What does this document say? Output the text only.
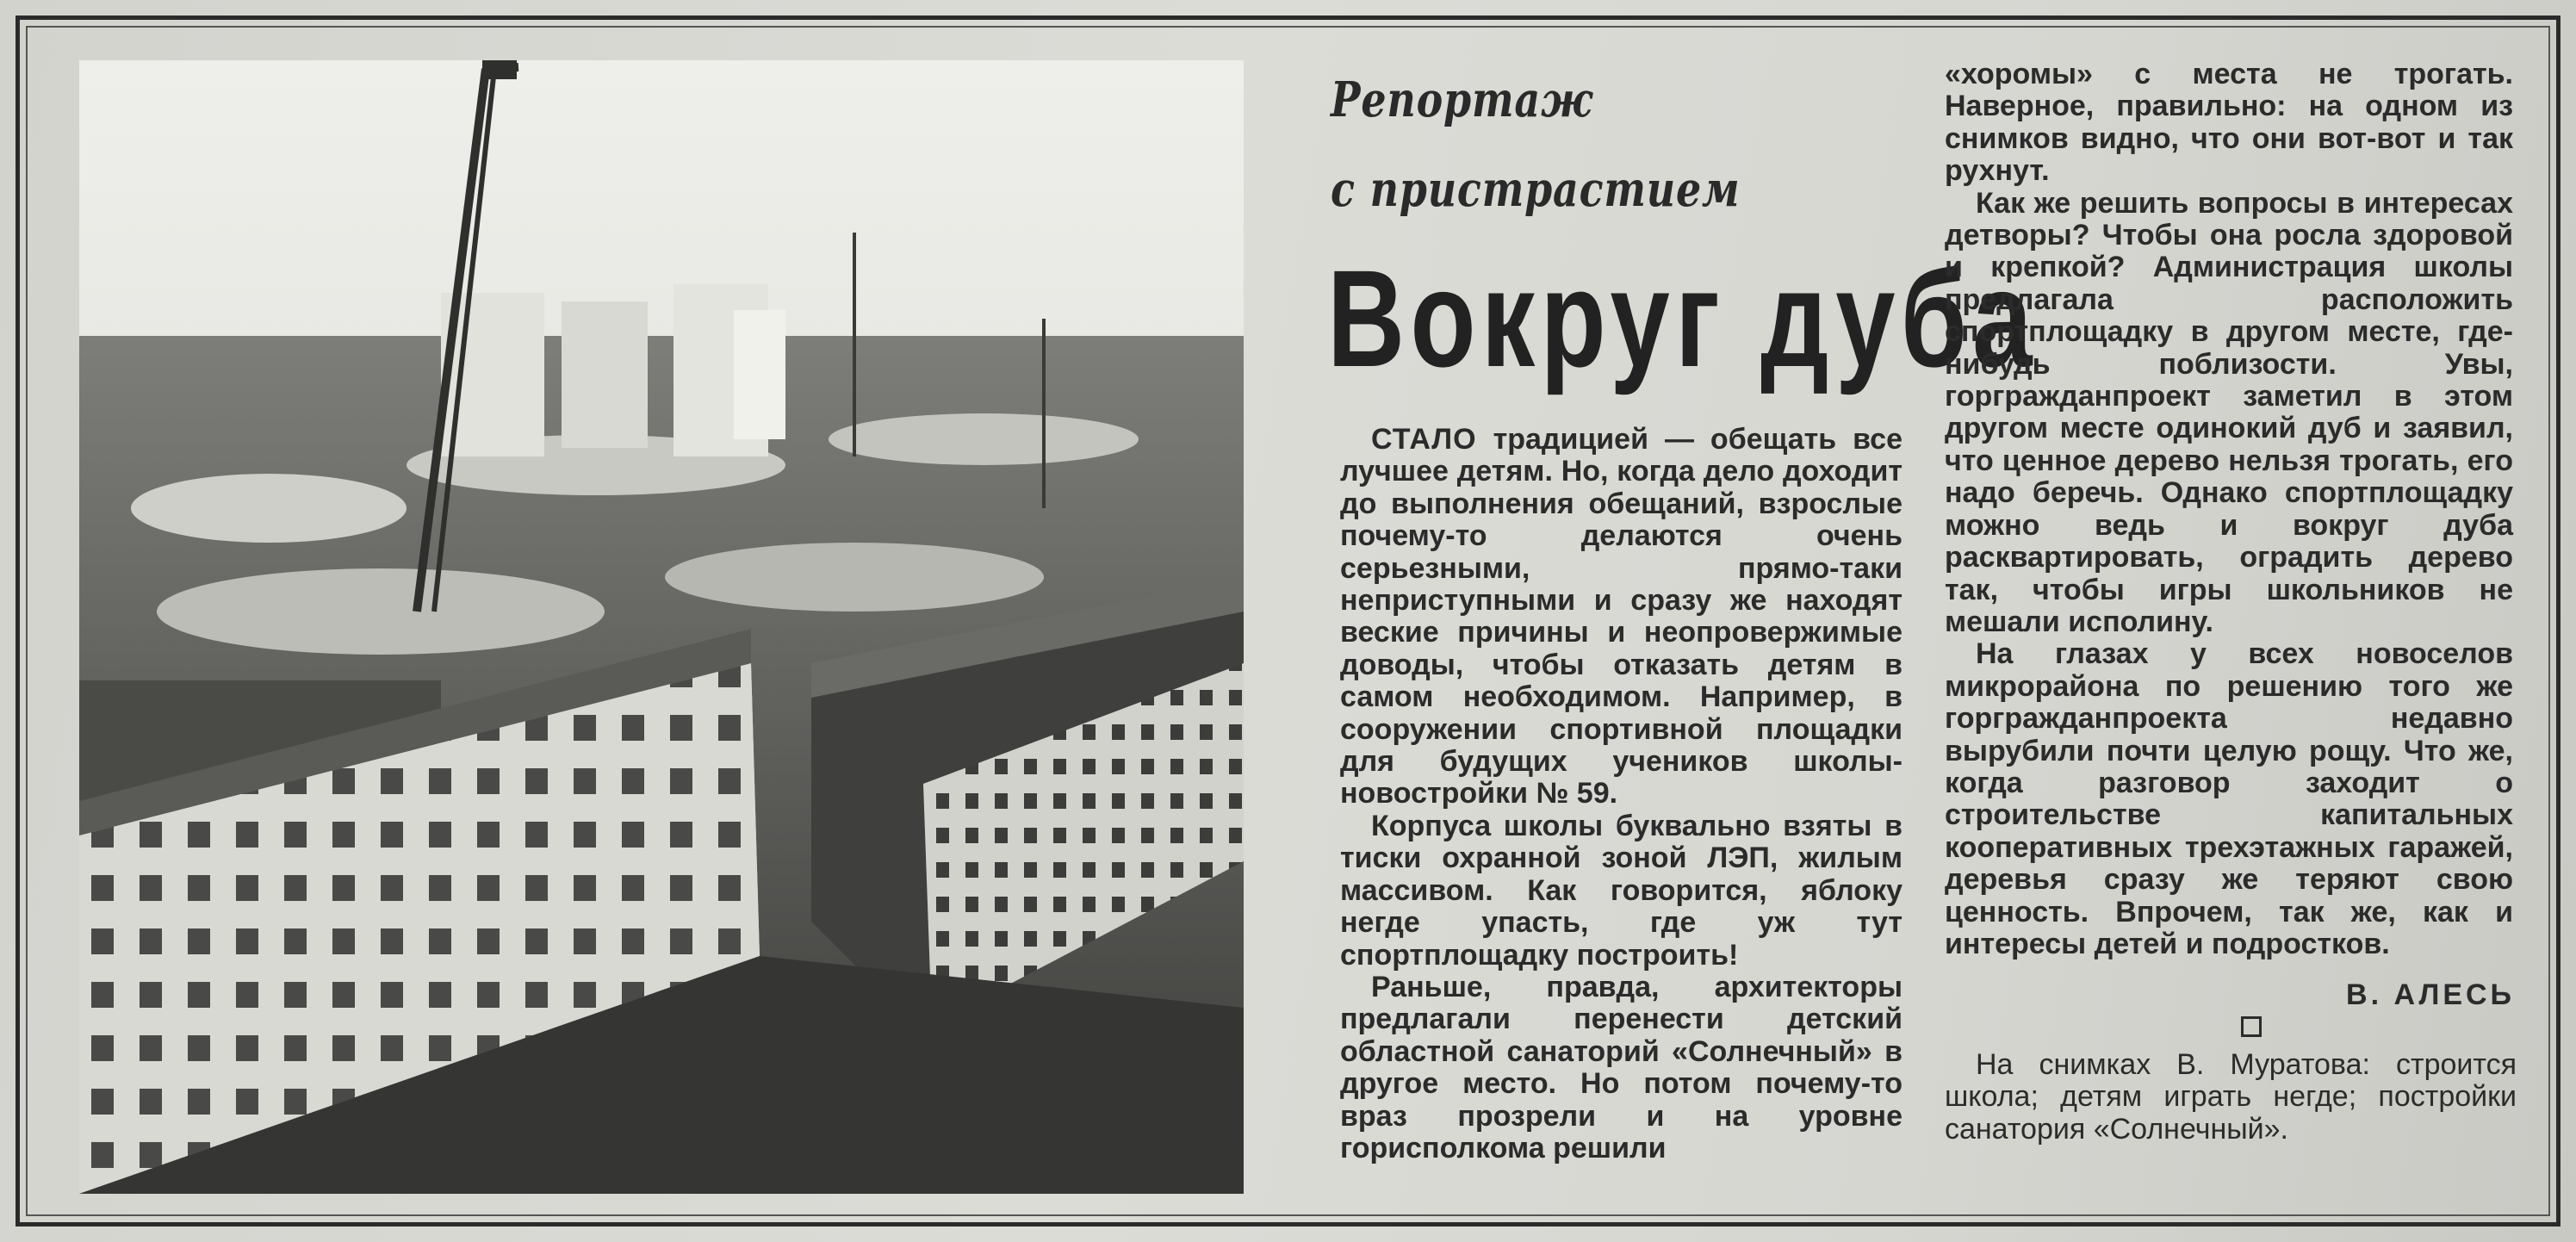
Репортаж
с пристрастием
Вокруг дуба

СТАЛО традицией — обещать все лучшее детям. Но, когда дело доходит до выполнения обещаний, взрослые почему-то делаются очень серьезными, прямо-таки неприступными и сразу же находят веские причины и неопровержимые доводы, чтобы отказать детям в самом необходимом. Например, в сооружении спортивной площадки для будущих учеников школы-новостройки № 59.

Корпуса школы буквально взяты в тиски охранной зоной ЛЭП, жилым массивом. Как говорится, яблоку негде упасть, где уж тут спортплощадку построить!

Раньше, правда, архитекторы предлагали перенести детский областной санаторий «Солнечный» в другое место. Но потом почему-то враз прозрели и на уровне горисполкома решили

«хоромы» с места не трогать. Наверное, правильно: на одном из снимков видно, что они вот-вот и так рухнут.

Как же решить вопросы в интересах детворы? Чтобы она росла здоровой и крепкой? Администрация школы предлагала расположить спортплощадку в другом месте, где-нибудь поблизости. Увы, горгражданпроект заметил в этом другом месте одинокий дуб и заявил, что ценное дерево нельзя трогать, его надо беречь. Однако спортплощадку можно ведь и вокруг дуба расквартировать, оградить дерево так, чтобы игры школьников не мешали исполину.

На глазах у всех новоселов микрорайона по решению того же горгражданпроекта недавно вырубили почти целую рощу. Что же, когда разговор заходит о строительстве капитальных кооперативных трехэтажных гаражей, деревья сразу же теряют свою ценность. Впрочем, так же, как и интересы детей и подростков.

В. АЛЕСЬ
На снимках В. Муратова: строится школа; детям играть негде; постройки санатория «Солнечный».
